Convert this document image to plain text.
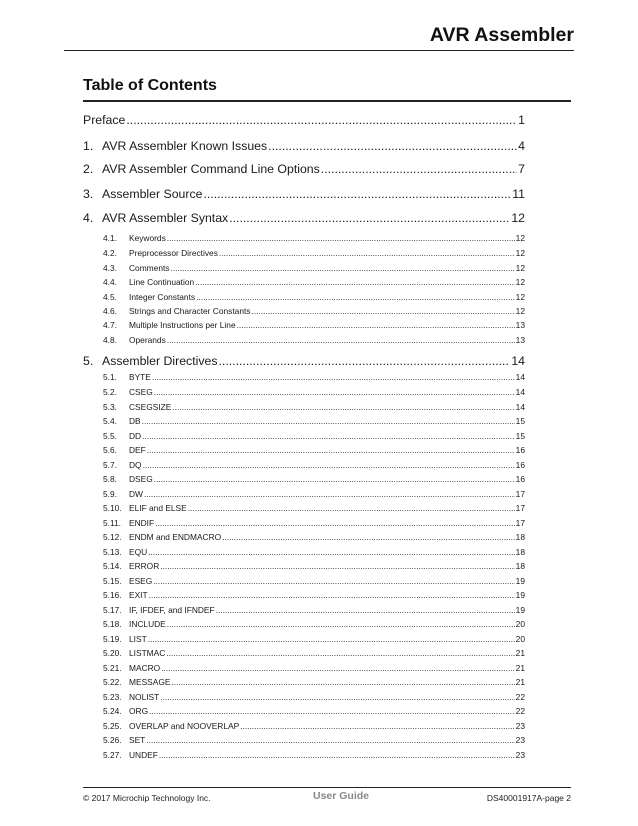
AVR Assembler
Table of Contents
Preface .....	1
1. AVR Assembler Known Issues .....	4
2. AVR Assembler Command Line Options .....	7
3. Assembler Source .....	11
4. AVR Assembler Syntax .....	12
4.1.	Keywords .....	12
4.2.	Preprocessor Directives .....	12
4.3.	Comments .....	12
4.4.	Line Continuation .....	12
4.5.	Integer Constants .....	12
4.6.	Strings and Character Constants .....	12
4.7.	Multiple Instructions per Line .....	13
4.8.	Operands .....	13
5. Assembler Directives .....	14
5.1.	BYTE .....	14
5.2.	CSEG .....	14
5.3.	CSEGSIZE .....	14
5.4.	DB .....	15
5.5.	DD .....	15
5.6.	DEF .....	16
5.7.	DQ .....	16
5.8.	DSEG .....	16
5.9.	DW .....	17
5.10. ELIF and ELSE .....	17
5.11. ENDIF .....	17
5.12. ENDM and ENDMACRO .....	18
5.13. EQU .....	18
5.14. ERROR .....	18
5.15. ESEG .....	19
5.16. EXIT .....	19
5.17. IF, IFDEF, and IFNDEF .....	19
5.18. INCLUDE .....	20
5.19. LIST .....	20
5.20. LISTMAC .....	21
5.21. MACRO .....	21
5.22. MESSAGE .....	21
5.23. NOLIST .....	22
5.24. ORG .....	22
5.25. OVERLAP and NOOVERLAP .....	23
5.26. SET .....	23
5.27. UNDEF .....	23
© 2017 Microchip Technology Inc.	User Guide	DS40001917A-page 2
